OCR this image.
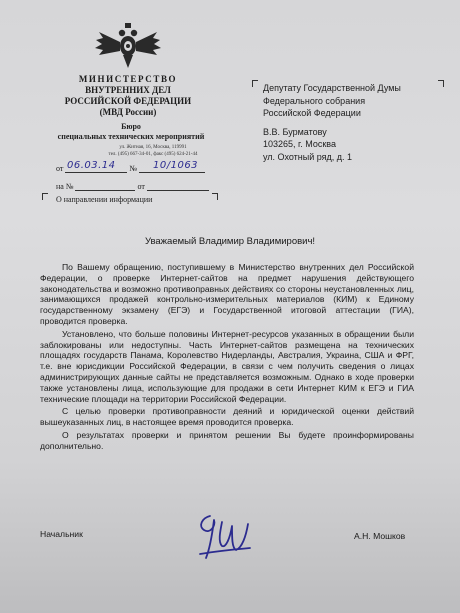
МИНИСТЕРСТВО
ВНУТРЕННИХ ДЕЛ
РОССИЙСКОЙ ФЕДЕРАЦИИ
(МВД России)
Бюро
специальных технических мероприятий
ул. Житная, 16, Москва, 119991
тел. (495) 667-34-01, факс (495) 624-21-44
от	№
06.03.14	10/1063
на №	от
О направлении информации
Депутату Государственной Думы
Федерального собрания
Российской Федерации
В.В. Бурматову
103265, г. Москва
ул. Охотный ряд, д. 1
Уважаемый Владимир Владимирович!

По Вашему обращению, поступившему в Министерство внутренних дел Российской Федерации, о проверке Интернет-сайтов на предмет нарушения действующего законодательства и возможно противоправных действиях со стороны неустановленных лиц, занимающихся продажей контрольно-измерительных материалов (КИМ) к Единому государственному экзамену (ЕГЭ) и Государственной итоговой аттестации (ГИА), проводится проверка.

Установлено, что больше половины Интернет-ресурсов указанных в обращении были заблокированы или недоступны. Часть Интернет-сайтов размещена на технических площадях государств Панама, Королевство Нидерланды, Австралия, Украина, США и ФРГ, т.е. вне юрисдикции Российской Федерации, в связи с чем получить сведения о лицах администрирующих данные сайты не представляется возможным. Однако в ходе проверки также установлены лица, использующие для продажи в сети Интернет КИМ к ЕГЭ и ГИА технические площади на территории Российской Федерации.

С целью проверки противоправности деяний и юридической оценки действий вышеуказанных лиц, в настоящее время проводится проверка.

О результатах проверки и принятом решении Вы будете проинформированы дополнительно.

Начальник	А.Н. Мошков
